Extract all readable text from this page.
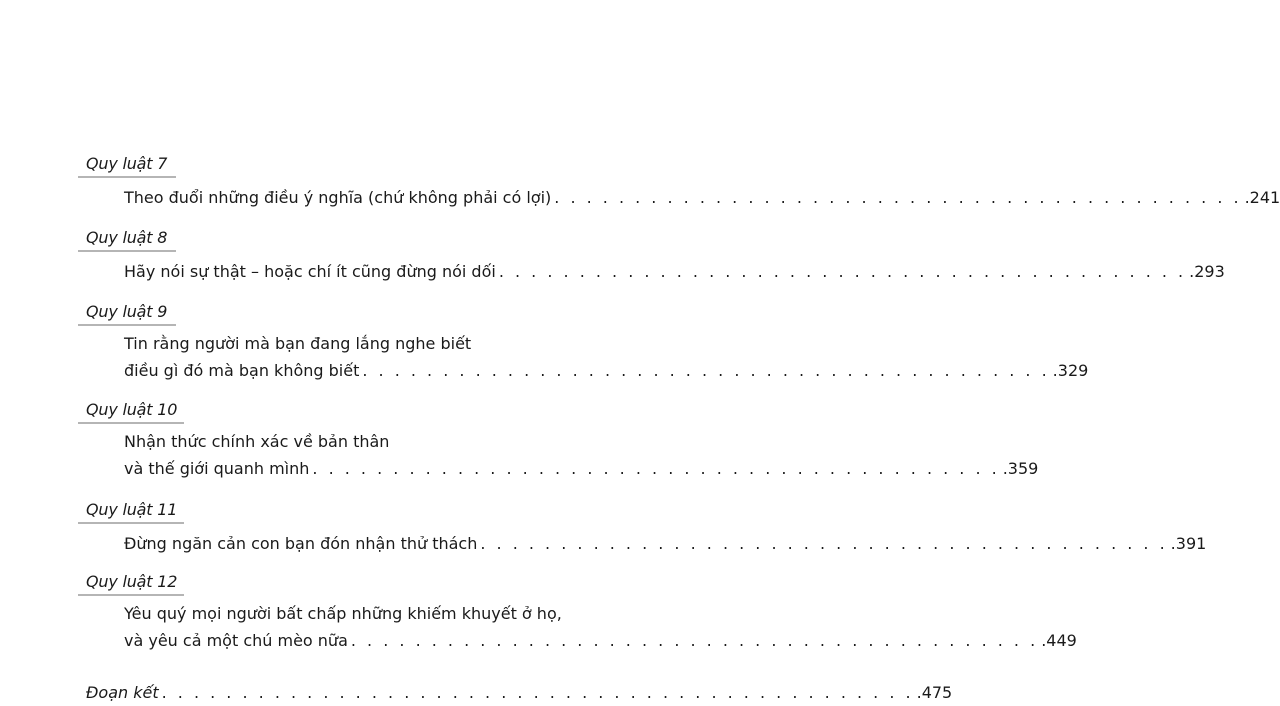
Quy luật 7
Theo đuổi những điều ý nghĩa (chứ không phải có lợi) . . . . . . . . . . . . . . . . . . . . . . . . . . . . . . . . . . . . . . . . . . . .241
Quy luật 8
Hãy nói sự thật – hoặc chí ít cũng đừng nói dối . . . . . . . . . . . . . . . . . . . . . . . . . . . . . . . . . . . . . . . . . . . .293
Quy luật 9
Tin rằng người mà bạn đang lắng nghe biết
điều gì đó mà bạn không biết . . . . . . . . . . . . . . . . . . . . . . . . . . . . . . . . . . . . . . . . . . . .329
Quy luật 10
Nhận thức chính xác về bản thân
và thế giới quanh mình . . . . . . . . . . . . . . . . . . . . . . . . . . . . . . . . . . . . . . . . . . . .359
Quy luật 11
Đừng ngăn cản con bạn đón nhận thử thách . . . . . . . . . . . . . . . . . . . . . . . . . . . . . . . . . . . . . . . . . . . .391
Quy luật 12
Yêu quý mọi người bất chấp những khiếm khuyết ở họ,
và yêu cả một chú mèo nữa . . . . . . . . . . . . . . . . . . . . . . . . . . . . . . . . . . . . . . . . . . . .449
Đoạn kết . . . . . . . . . . . . . . . . . . . . . . . . . . . . . . . . . . . . . . . . . . . . . . . .475
